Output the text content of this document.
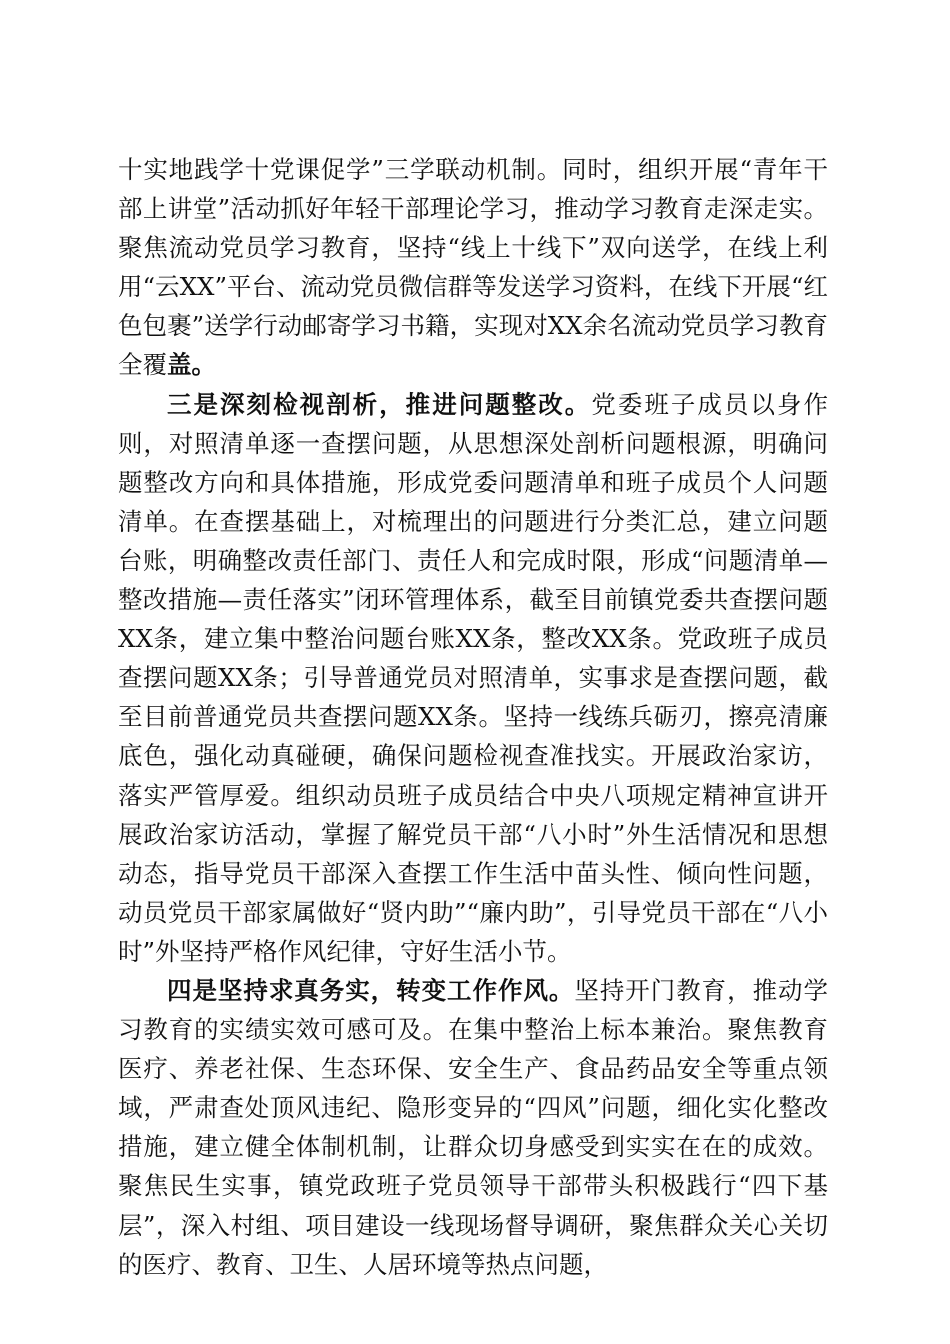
十实地践学十党课促学”三学联动机制。同时，组织开展“青年干部上讲堂”活动抓好年轻干部理论学习，推动学习教育走深走实。聚焦流动党员学习教育，坚持“线上十线下”双向送学，在线上利用“云XX”平台、流动党员微信群等发送学习资料，在线下开展“红色包裹”送学行动邮寄学习书籍，实现对XX余名流动党员学习教育全覆盖。

三是深刻检视剖析，推进问题整改。党委班子成员以身作则，对照清单逐一查摆问题，从思想深处剖析问题根源，明确问题整改方向和具体措施，形成党委问题清单和班子成员个人问题清单。在查摆基础上，对梳理出的问题进行分类汇总，建立问题台账，明确整改责任部门、责任人和完成时限，形成“问题清单—整改措施—责任落实”闭环管理体系，截至目前镇党委共查摆问题XX条，建立集中整治问题台账XX条，整改XX条。党政班子成员查摆问题XX条；引导普通党员对照清单，实事求是查摆问题，截至目前普通党员共查摆问题XX条。坚持一线练兵砺刃，擦亮清廉底色，强化动真碰硬，确保问题检视查准找实。开展政治家访，落实严管厚爱。组织动员班子成员结合中央八项规定精神宣讲开展政治家访活动，掌握了解党员干部“八小时”外生活情况和思想动态，指导党员干部深入查摆工作生活中苗头性、倾向性问题，动员党员干部家属做好“贤内助”“廉内助”，引导党员干部在“八小时”外坚持严格作风纪律，守好生活小节。

四是坚持求真务实，转变工作作风。坚持开门教育，推动学习教育的实绩实效可感可及。在集中整治上标本兼治。聚焦教育医疗、养老社保、生态环保、安全生产、食品药品安全等重点领域，严肃查处顶风违纪、隐形变异的“四风”问题，细化实化整改措施，建立健全体制机制，让群众切身感受到实实在在的成效。聚焦民生实事，镇党政班子党员领导干部带头积极践行“四下基层”，深入村组、项目建设一线现场督导调研，聚焦群众关心关切的医疗、教育、卫生、人居环境等热点问题，
